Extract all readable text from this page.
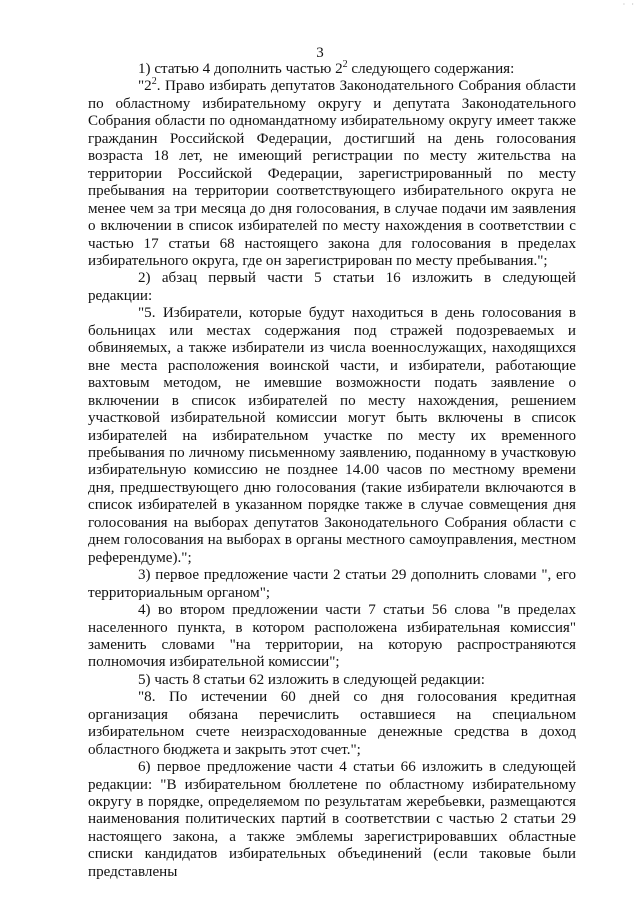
· ·
3

1) статью 4 дополнить частью $2^2$ следующего содержания:

"$2^2$. Право избирать депутатов Законодательного Собрания области по областному избирательному округу и депутата Законодательного Собрания области по одномандатному избирательному округу имеет также гражданин Российской Федерации, достигший на день голосования возраста 18 лет, не имеющий регистрации по месту жительства на территории Российской Федерации, зарегистрированный по месту пребывания на территории соответствующего избирательного округа не менее чем за три месяца до дня голосования, в случае подачи им заявления о включении в список избирателей по месту нахождения в соответствии с частью 17 статьи 68 настоящего закона для голосования в пределах избирательного округа, где он зарегистрирован по месту пребывания.";

2) абзац первый части 5 статьи 16 изложить в следующей редакции:

"5. Избиратели, которые будут находиться в день голосования в больницах или местах содержания под стражей подозреваемых и обвиняемых, а также избиратели из числа военнослужащих, находящихся вне места расположения воинской части, и избиратели, работающие вахтовым методом, не имевшие возможности подать заявление о включении в список избирателей по месту нахождения, решением участковой избирательной комиссии могут быть включены в список избирателей на избирательном участке по месту их временного пребывания по личному письменному заявлению, поданному в участковую избирательную комиссию не позднее 14.00 часов по местному времени дня, предшествующего дню голосования (такие избиратели включаются в список избирателей в указанном порядке также в случае совмещения дня голосования на выборах депутатов Законодательного Собрания области с днем голосования на выборах в органы местного самоуправления, местном референдуме).";

3) первое предложение части 2 статьи 29 дополнить словами ", его территориальным органом";

4) во втором предложении части 7 статьи 56 слова "в пределах населенного пункта, в котором расположена избирательная комиссия" заменить словами "на территории, на которую распространяются полномочия избирательной комиссии";

5) часть 8 статьи 62 изложить в следующей редакции:

"8. По истечении 60 дней со дня голосования кредитная организация обязана перечислить оставшиеся на специальном избирательном счете неизрасходованные денежные средства в доход областного бюджета и закрыть этот счет.";

6) первое предложение части 4 статьи 66 изложить в следующей редакции: "В избирательном бюллетене по областному избирательному округу в порядке, определяемом по результатам жеребьевки, размещаются наименования политических партий в соответствии с частью 2 статьи 29 настоящего закона, а также эмблемы зарегистрировавших областные списки кандидатов избирательных объединений (если таковые были представлены
